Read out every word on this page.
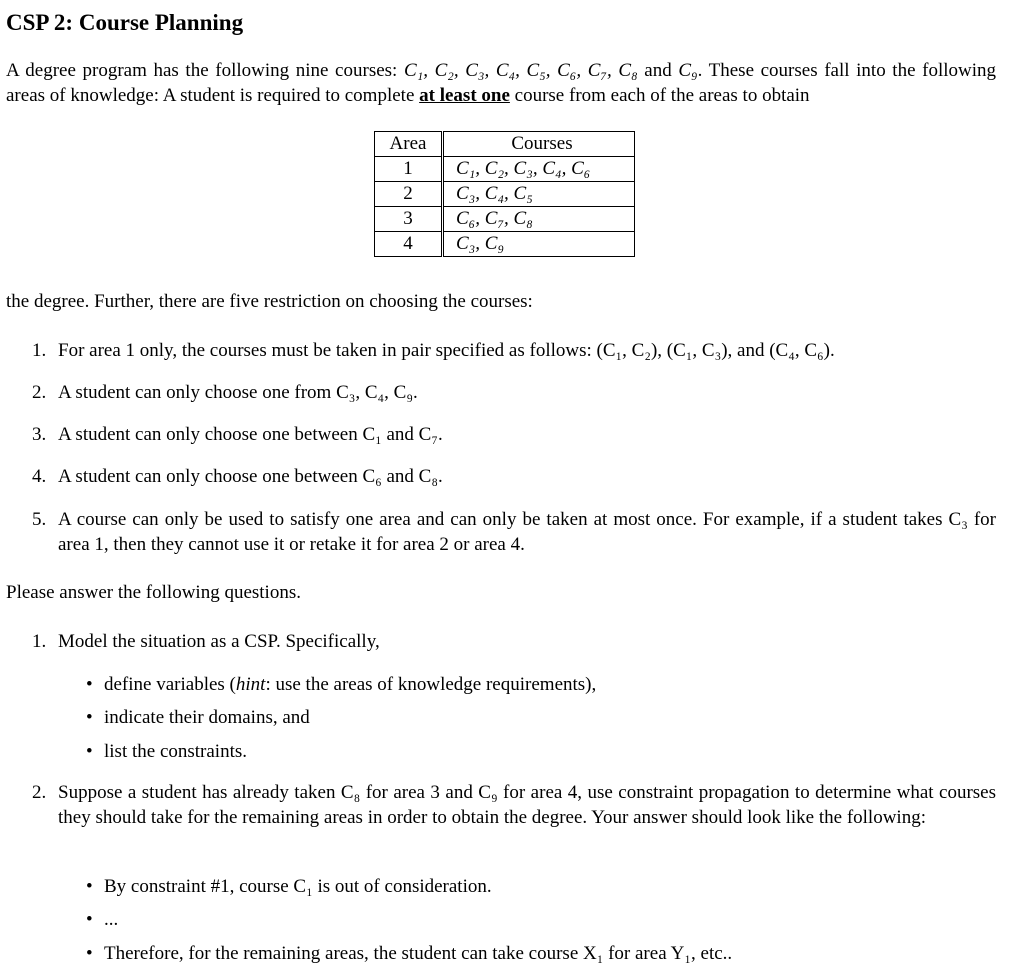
CSP 2: Course Planning

A degree program has the following nine courses: C₁, C₂, C₃, C₄, C₅, C₆, C₇, C₈ and C₉. These courses fall into the following areas of knowledge: A student is required to complete at least one course from each of the areas to obtain

Area	Courses
1	C₁, C₂, C₃, C₄, C₆
2	C₃, C₄, C₅
3	C₆, C₇, C₈
4	C₃, C₉

the degree. Further, there are five restriction on choosing the courses:

1. For area 1 only, the courses must be taken in pair specified as follows: (C₁, C₂), (C₁, C₃), and (C₄, C₆).
2. A student can only choose one from C₃, C₄, C₉.
3. A student can only choose one between C₁ and C₇.
4. A student can only choose one between C₆ and C₈.
5. A course can only be used to satisfy one area and can only be taken at most once. For example, if a student takes C₃ for area 1, then they cannot use it or retake it for area 2 or area 4.

Please answer the following questions.

1. Model the situation as a CSP. Specifically,
2. Suppose a student has already taken C₈ for area 3 and C₉ for area 4, use constraint propagation to determine what courses they should take for the remaining areas in order to obtain the degree. Your answer should look like the following:
• define variables (hint: use the areas of knowledge requirements),
• indicate their domains, and
• list the constraints.
• By constraint #1, course C₁ is out of consideration.
• ...
• Therefore, for the remaining areas, the student can take course X₁ for area Y₁, etc..
